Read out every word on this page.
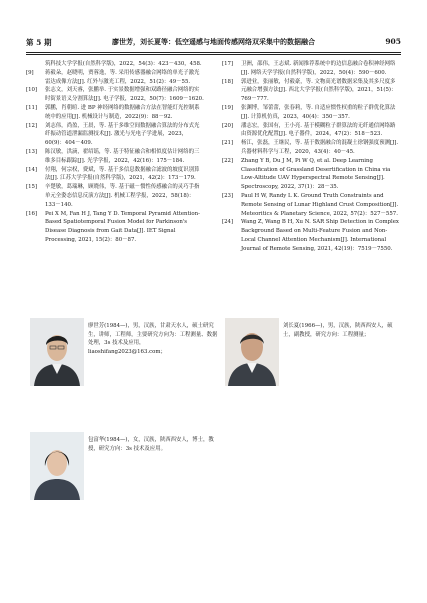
第 5 期	廖世芳，刘长夏等：低空遥感与地面传感网络双采集中的数据融合	905

筑科技大学学报(自然科学版)，2022，54(3)：423－430，458.

[9] 蒋毅朵，赵晓明，贾蓉逸，等. 采用传感器融合网络的单光子激光雷达成像方法[J]. 红外与激光工程，2022，51(2)：49－55.

[10] 张志文，刘天睿，张鹏举. 于实景数据增强和双路径融合网络的实时街景语义分割算法[J]. 电子学报，2022，50(7)：1609－1620.

[11] 郭鹏，肖朝暄. 进 BP 神经网络的数据融合方法在智能灯光控制系统中的应用[J]. 机械设计与制造，2022(9)：88－92.

[12] 刘志伟，尚盈，王晨，等. 基于多维空间数据融合算法的分布式光纤振动管道泄漏监测技术[J]. 激光与光电子学进展，2023，60(9)：404－409.

[13] 陈汉敏，洪滴，翟绍谣，等. 基于特征融合和相似度估计网络的三维多目标跟踪[J]. 光学学报，2022，42(16)：175－184.

[14] 付翔，何宗权，费斌，等. 基于多信息数据融合滤波的坡度识别算法[J]. 江苏大学学报(自然科学版)，2021，42(2)：173－179.

[15] 辛楚敏，葛瑞琳，顾晓伟，等. 基于磁－惯性传感融合的灵巧手指单元全姿态信息反演方法[J]. 机械工程学报，2022，58(18)：133－140.

[16] Pei X M, Fan H J, Tang Y D. Temporal Pyramid Attention-Based Spatiotemporal Fusion Model for Parkinson's Disease Diagnosis from Gait Data[J]. IET Signal Processing, 2021, 15(2)：80－87.

[17] 卫洲，邵伟，王志斌. 新闻推荐系统中的边信息融合卷积神经网络[J]. 网络天学学报(自然科学版)，2022，50(4)：590－600.

[18] 郭进业，张丽敏，付毅豪，等. 文物高光谱数据采集及其多尺度多元融合增强方法[J]. 西北大学学报(自然科学版)，2021，51(5)：769－777.

[19] 张渊博，邹蕾蕾，张春莉，等. 自适应惯性权重的粒子群优化算法[J]. 计算机仿真，2023，40(4)：350－357.

[20] 潘志宏，张国有，王小亮. 基于模糊粒子群算法的无纤通信网络路由资源优化配置[J]. 电子器件，2024，47(2)：518－523.

[21] 杨江，张磊，王继民，等. 基于数据融合的混凝土徐钢强度预测[J]. 兵器材料科学与工程，2020，43(4)：40－45.

[22] Zhang Y B, Du J M, Pi W Q, et al. Deep Learning Classification of Grassland Desertification in China via Low-Altitude UAV Hyperspectral Remote Sensing[J]. Spectroscopy, 2022, 37(1)：28－35.

[23] Paul H W, Randy L K. Ground Truth Constraints and Remote Sensing of Lunar Highland Crust Composition[J]. Meteoritics & Planetary Science, 2022, 57(2)：527－557.

[24] Wang Z, Wang B H, Xu N. SAR Ship Detection in Complex Background Based on Multi-Feature Fusion and Non-Local Channel Attention Mechanism[J]. International Journal of Remote Sensing, 2021, 42(19)：7519－7550.

廖世芳(1984—)，男，汉族，甘肃天水人，硕士研究生，讲师，工程师，主要研究方向为：工程测量、数据处理，3s 技术及应用，liaoshifang2023@163.com；
刘长夏(1966—)，男，汉族，陕西西安人，硕士，副教授，研究方向：工程测量；
包富华(1984—)，女，汉族，陕西西安人，博士，教授，研究方向：3s 技术及应用。
